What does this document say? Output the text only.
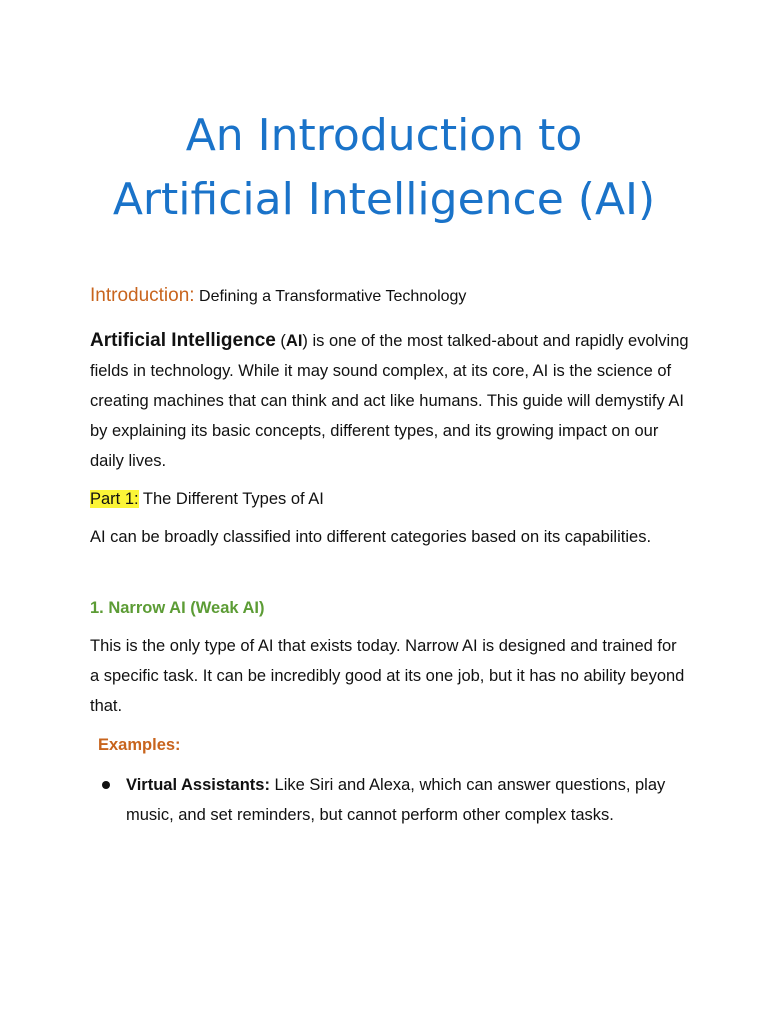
An Introduction to
Artificial Intelligence (AI)
Introduction: Defining a Transformative Technology

Artificial Intelligence (AI) is one of the most talked-about and rapidly evolving fields in technology. While it may sound complex, at its core, AI is the science of creating machines that can think and act like humans. This guide will demystify AI by explaining its basic concepts, different types, and its growing impact on our daily lives.

Part 1: The Different Types of AI

AI can be broadly classified into different categories based on its capabilities.

1. Narrow AI (Weak AI)

This is the only type of AI that exists today. Narrow AI is designed and trained for a specific task. It can be incredibly good at its one job, but it has no ability beyond that.

Examples:
Virtual Assistants: Like Siri and Alexa, which can answer questions, play music, and set reminders, but cannot perform other complex tasks.
